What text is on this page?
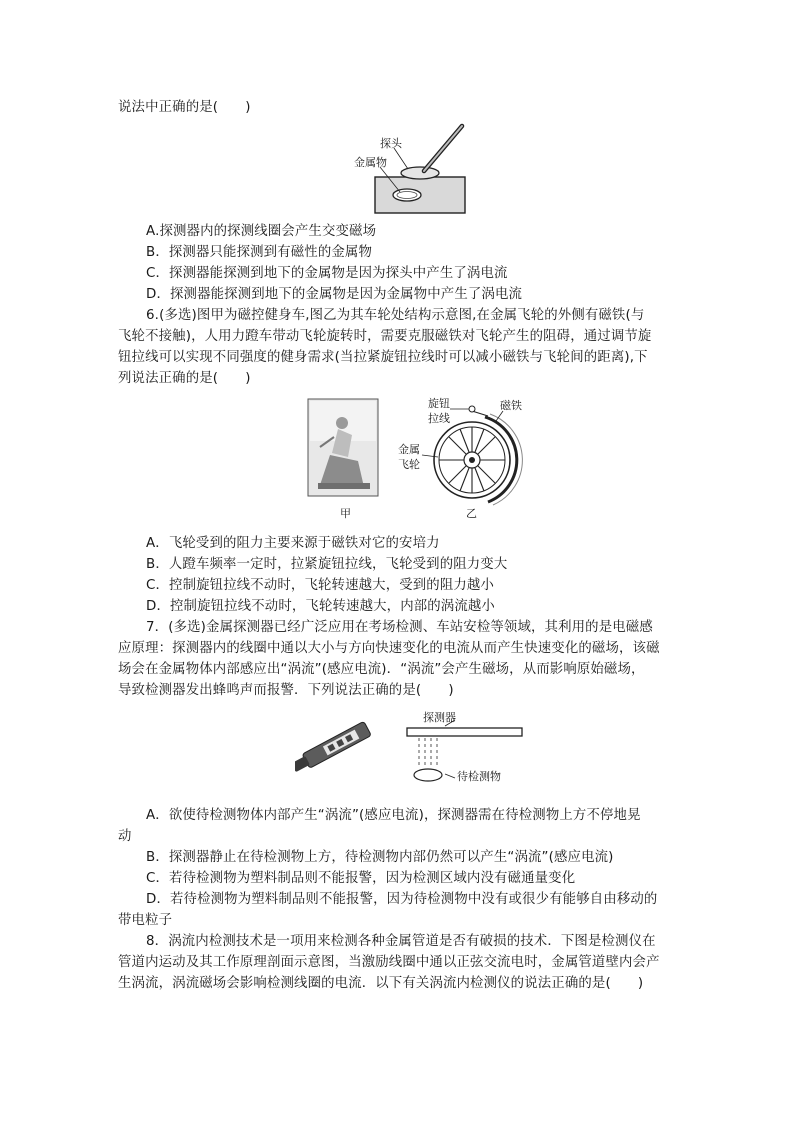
说法中正确的是(　　)
探头
金属物
A.探测器内的探测线圈会产生交变磁场
B．探测器只能探测到有磁性的金属物
C．探测器能探测到地下的金属物是因为探头中产生了涡电流
D．探测器能探测到地下的金属物是因为金属物中产生了涡电流
6.(多选)图甲为磁控健身车,图乙为其车轮处结构示意图,在金属飞轮的外侧有磁铁(与
飞轮不接触)，人用力蹬车带动飞轮旋转时，需要克服磁铁对飞轮产生的阻碍，通过调节旋
钮拉线可以实现不同强度的健身需求(当拉紧旋钮拉线时可以减小磁铁与飞轮间的距离),下
列说法正确的是(　　)
甲
旋钮
拉线
磁铁
金属
飞轮
乙
A．飞轮受到的阻力主要来源于磁铁对它的安培力
B．人蹬车频率一定时，拉紧旋钮拉线，飞轮受到的阻力变大
C．控制旋钮拉线不动时，飞轮转速越大，受到的阻力越小
D．控制旋钮拉线不动时，飞轮转速越大，内部的涡流越小
7．(多选)金属探测器已经广泛应用在考场检测、车站安检等领域，其利用的是电磁感
应原理：探测器内的线圈中通以大小与方向快速变化的电流从而产生快速变化的磁场，该磁
场会在金属物体内部感应出“涡流”(感应电流)．“涡流”会产生磁场，从而影响原始磁场，
导致检测器发出蜂鸣声而报警．下列说法正确的是(　　)
探测器
待检测物
A．欲使待检测物体内部产生“涡流”(感应电流)，探测器需在待检测物上方不停地晃
动
B．探测器静止在待检测物上方，待检测物内部仍然可以产生“涡流”(感应电流)
C．若待检测物为塑料制品则不能报警，因为检测区域内没有磁通量变化
D．若待检测物为塑料制品则不能报警，因为待检测物中没有或很少有能够自由移动的
带电粒子
8．涡流内检测技术是一项用来检测各种金属管道是否有破损的技术．下图是检测仪在
管道内运动及其工作原理剖面示意图，当激励线圈中通以正弦交流电时，金属管道壁内会产
生涡流，涡流磁场会影响检测线圈的电流．以下有关涡流内检测仪的说法正确的是(　　)
